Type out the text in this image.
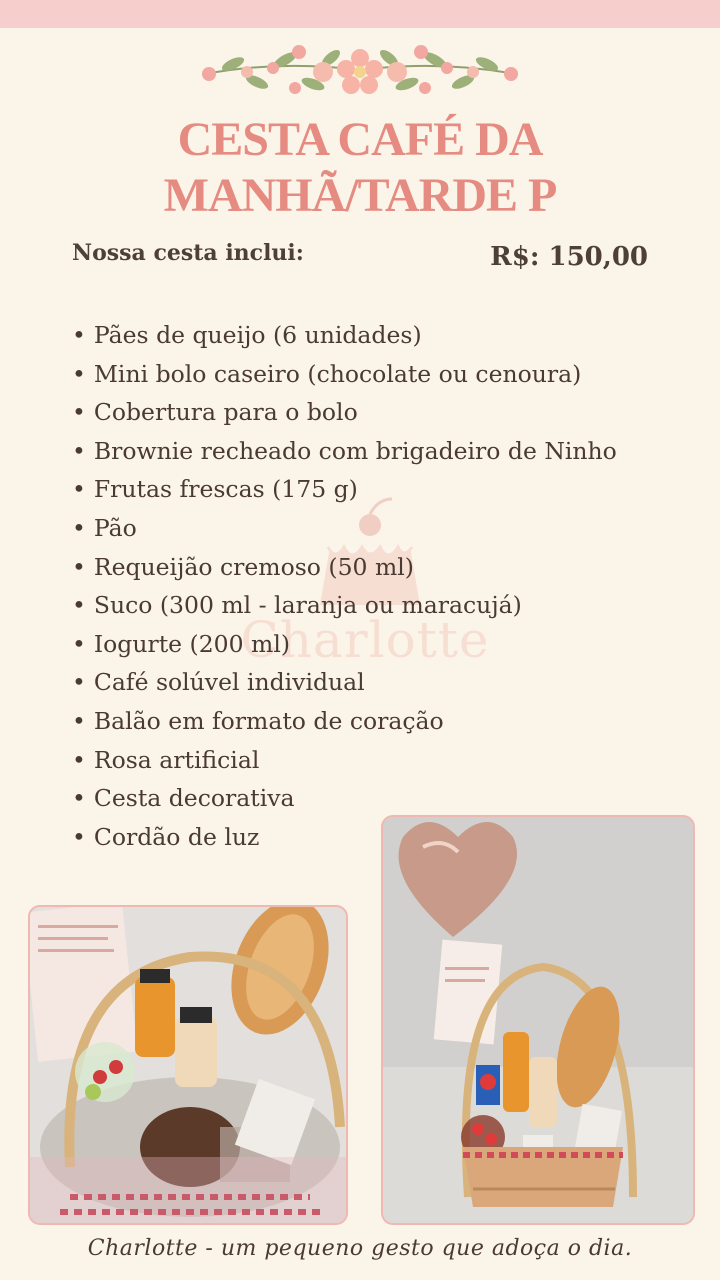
CESTA CAFÉ DA
MANHÃ/TARDE P
Nossa cesta inclui:	R$: 150,00
Charlotte
• Pães de queijo (6 unidades)
• Mini bolo caseiro (chocolate ou cenoura)
• Cobertura para o bolo
• Brownie recheado com brigadeiro de Ninho
• Frutas frescas (175 g)
• Pão
• Requeijão cremoso (50 ml)
• Suco (300 ml - laranja ou maracujá)
• Iogurte (200 ml)
• Café solúvel individual
• Balão em formato de coração
• Rosa artificial
• Cesta decorativa
• Cordão de luz
Charlotte - um pequeno gesto que adoça o dia.
